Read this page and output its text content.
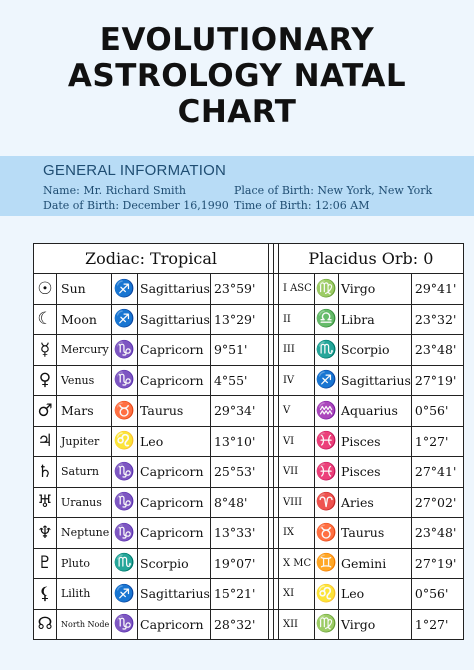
EVOLUTIONARY
ASTROLOGY NATAL
CHART
GENERAL INFORMATION
Name: Mr. Richard Smith	Place of Birth: New York, New York
Date of Birth: December 16,1990 Time of Birth: 12:06 AM
Zodiac: Tropical							Placidus Orb: 0			
☉	Sun	♐	Sagittarius	23°59'			I ASC	♍	Virgo	29°41'
☾	Moon	♐	Sagittarius	13°29'			II	♎	Libra	23°32'
☿	Mercury	♑	Capricorn	9°51'			III	♏	Scorpio	23°48'
♀	Venus	♑	Capricorn	4°55'			IV	♐	Sagittarius	27°19'
♂	Mars	♉	Taurus	29°34'			V	♒	Aquarius	0°56'
♃	Jupiter	♌	Leo	13°10'			VI	♓	Pisces	1°27'
♄	Saturn	♑	Capricorn	25°53'			VII	♓	Pisces	27°41'
♅	Uranus	♑	Capricorn	8°48'			VIII	♈	Aries	27°02'
♆	Neptune	♑	Capricorn	13°33'			IX	♉	Taurus	23°48'
♇	Pluto	♏	Scorpio	19°07'			X MC	♊	Gemini	27°19'
⚸	Lilith	♐	Sagittarius	15°21'			XI	♌	Leo	0°56'
☊	North Node	♑	Capricorn	28°32'			XII	♍	Virgo	1°27'
